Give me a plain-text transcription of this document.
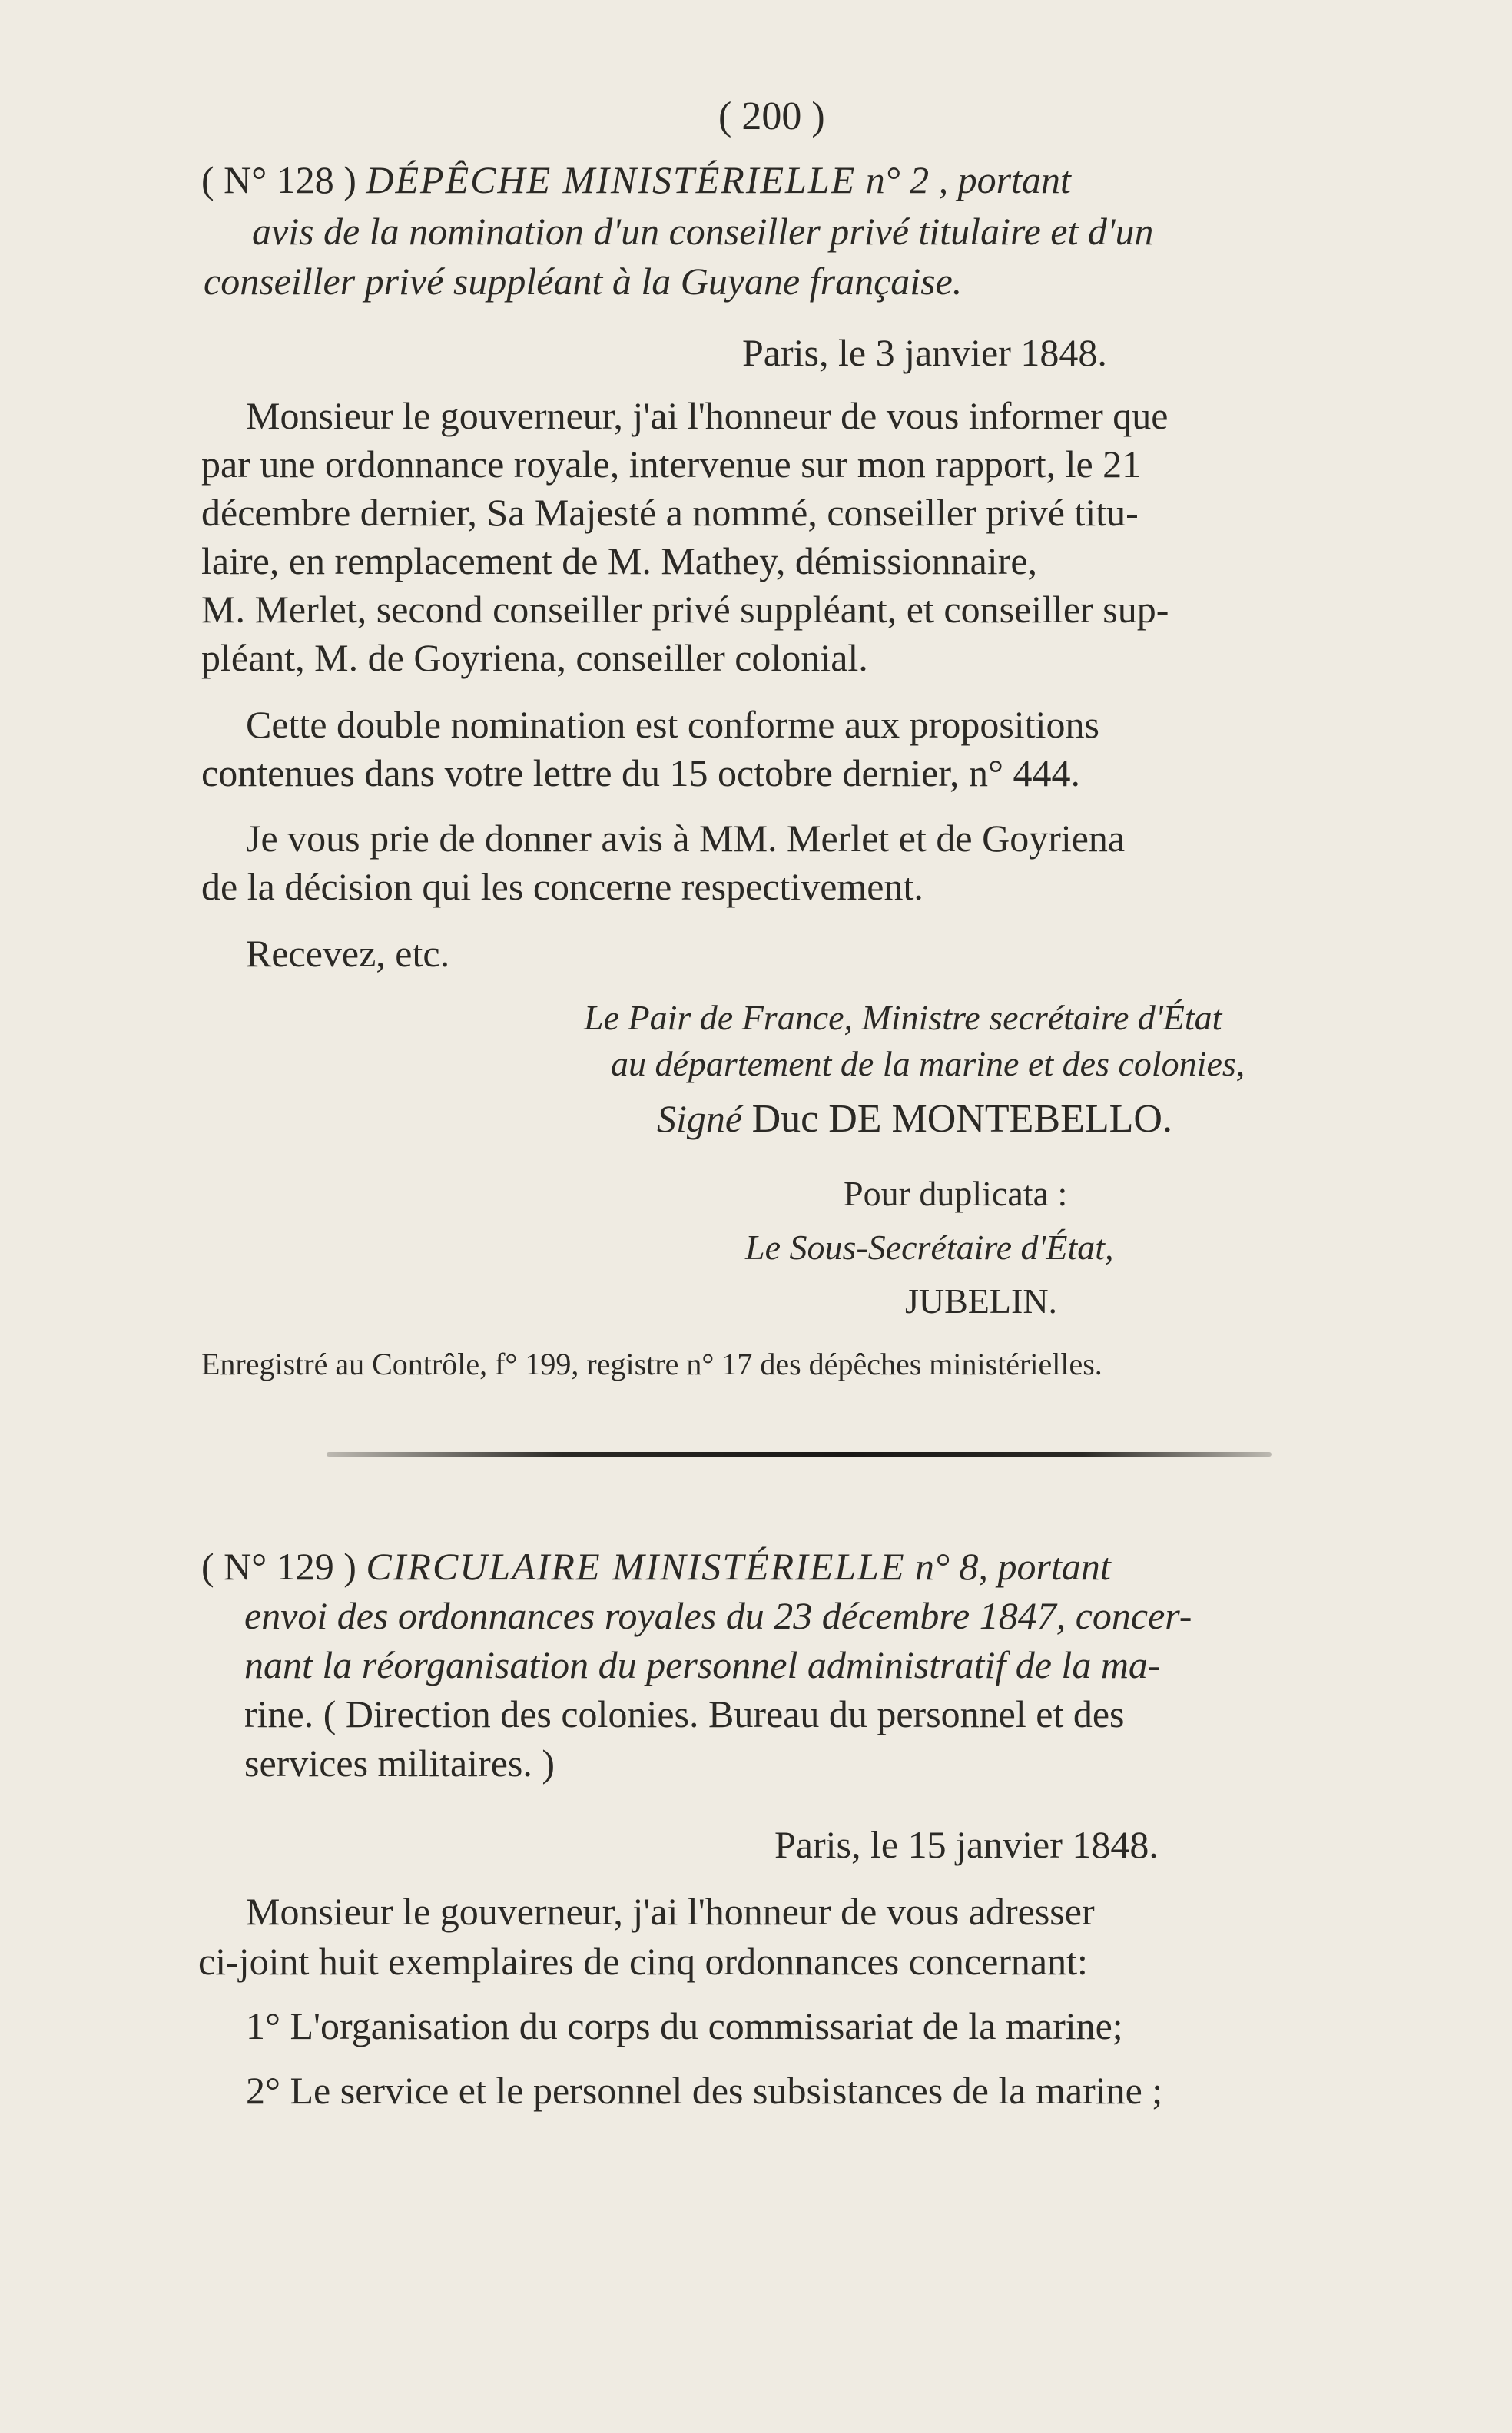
( 200 )
( N° 128 ) DÉPÊCHE MINISTÉRIELLE n° 2 , portant
avis de la nomination d'un conseiller privé titulaire et d'un
conseiller privé suppléant à la Guyane française.
Paris, le 3 janvier 1848.
Monsieur le gouverneur, j'ai l'honneur de vous informer que
par une ordonnance royale, intervenue sur mon rapport, le 21
décembre dernier, Sa Majesté a nommé, conseiller privé titu-
laire, en remplacement de M. Mathey, démissionnaire,
M. Merlet, second conseiller privé suppléant, et conseiller sup-
pléant, M. de Goyriena, conseiller colonial.
Cette double nomination est conforme aux propositions
contenues dans votre lettre du 15 octobre dernier, n° 444.
Je vous prie de donner avis à MM. Merlet et de Goyriena
de la décision qui les concerne respectivement.
Recevez, etc.
Le Pair de France, Ministre secrétaire d'État
au département de la marine et des colonies,
Signé Duc DE MONTEBELLO.
Pour duplicata :
Le Sous-Secrétaire d'État,
JUBELIN.
Enregistré au Contrôle, f° 199, registre n° 17 des dépêches ministérielles.
( N° 129 ) CIRCULAIRE MINISTÉRIELLE n° 8, portant
envoi des ordonnances royales du 23 décembre 1847, concer-
nant la réorganisation du personnel administratif de la ma-
rine. ( Direction des colonies. Bureau du personnel et des
services militaires. )
Paris, le 15 janvier 1848.
Monsieur le gouverneur, j'ai l'honneur de vous adresser
ci-joint huit exemplaires de cinq ordonnances concernant:
1° L'organisation du corps du commissariat de la marine;
2° Le service et le personnel des subsistances de la marine ;
